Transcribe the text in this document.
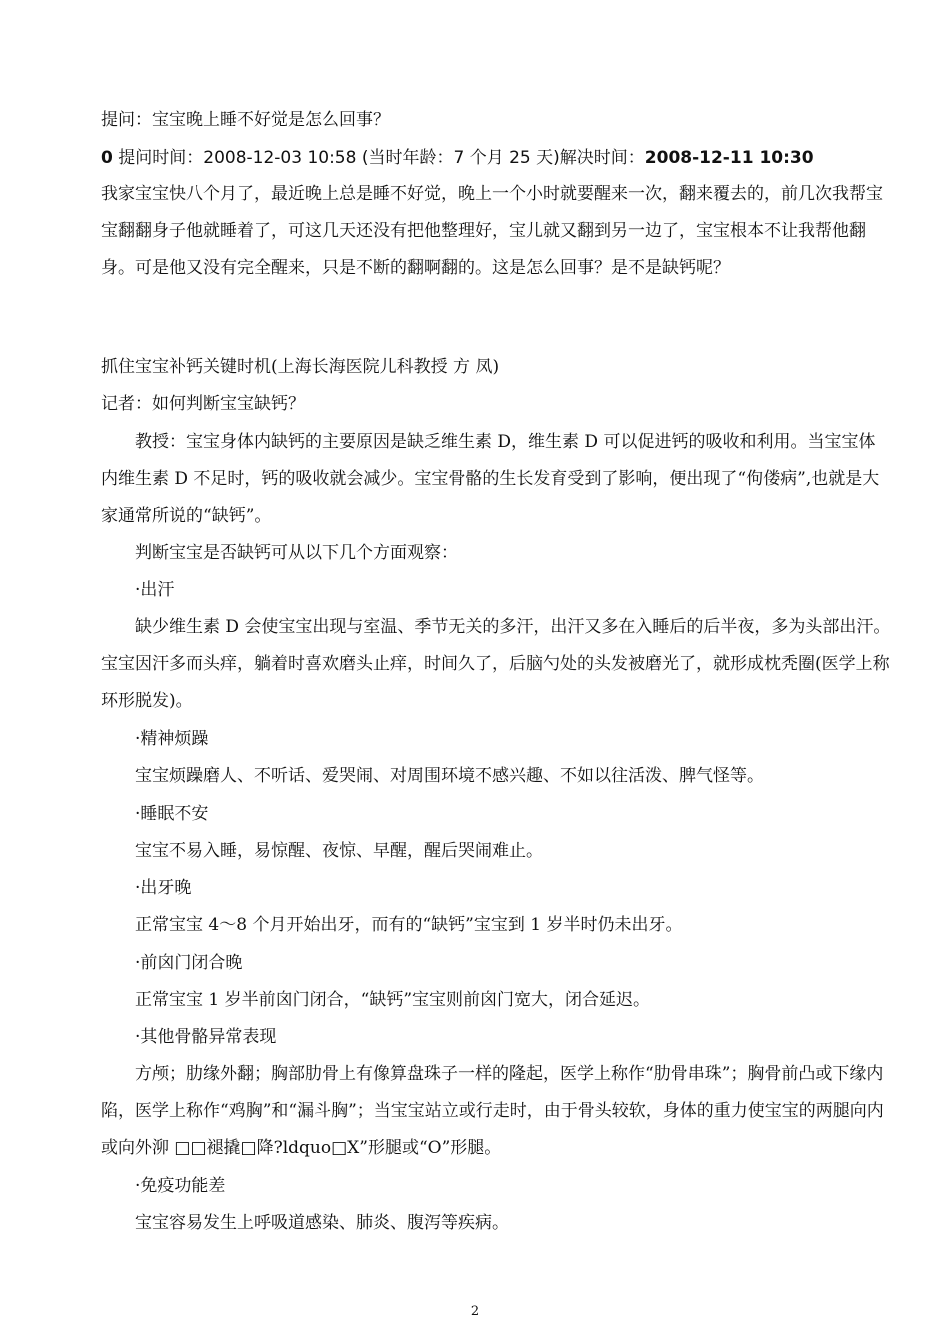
提问：宝宝晚上睡不好觉是怎么回事？
0 提问时间：2008-12-03 10:58 (当时年龄：7 个月 25 天)解决时间：2008-12-11 10:30
我家宝宝快八个月了，最近晚上总是睡不好觉，晚上一个小时就要醒来一次，翻来覆去的，前几次我帮宝宝翻翻身子他就睡着了，可这几天还没有把他整理好，宝儿就又翻到另一边了，宝宝根本不让我帮他翻身。可是他又没有完全醒来，只是不断的翻啊翻的。这是怎么回事？是不是缺钙呢？
抓住宝宝补钙关键时机(上海长海医院儿科教授 方 凤)
记者：如何判断宝宝缺钙？
教授：宝宝身体内缺钙的主要原因是缺乏维生素 D，维生素 D 可以促进钙的吸收和利用。当宝宝体内维生素 D 不足时，钙的吸收就会减少。宝宝骨骼的生长发育受到了影响，便出现了“佝偻病”,也就是大家通常所说的“缺钙”。
判断宝宝是否缺钙可从以下几个方面观察：
·出汗
缺少维生素 D 会使宝宝出现与室温、季节无关的多汗，出汗又多在入睡后的后半夜，多为头部出汗。宝宝因汗多而头痒，躺着时喜欢磨头止痒，时间久了，后脑勺处的头发被磨光了，就形成枕秃圈(医学上称环形脱发)。
·精神烦躁
宝宝烦躁磨人、不听话、爱哭闹、对周围环境不感兴趣、不如以往活泼、脾气怪等。
·睡眠不安
宝宝不易入睡，易惊醒、夜惊、早醒，醒后哭闹难止。
·出牙晚
正常宝宝 4～8 个月开始出牙，而有的“缺钙”宝宝到 1 岁半时仍未出牙。
·前囟门闭合晚
正常宝宝 1 岁半前囟门闭合，“缺钙”宝宝则前囟门宽大，闭合延迟。
·其他骨骼异常表现
方颅；肋缘外翻；胸部肋骨上有像算盘珠子一样的隆起，医学上称作“肋骨串珠”；胸骨前凸或下缘内陷，医学上称作“鸡胸”和“漏斗胸”；当宝宝站立或行走时，由于骨头较软，身体的重力使宝宝的两腿向内或向外泖 □□褪撬□降?ldquo□X”形腿或“O”形腿。
·免疫功能差
宝宝容易发生上呼吸道感染、肺炎、腹泻等疾病。
2
